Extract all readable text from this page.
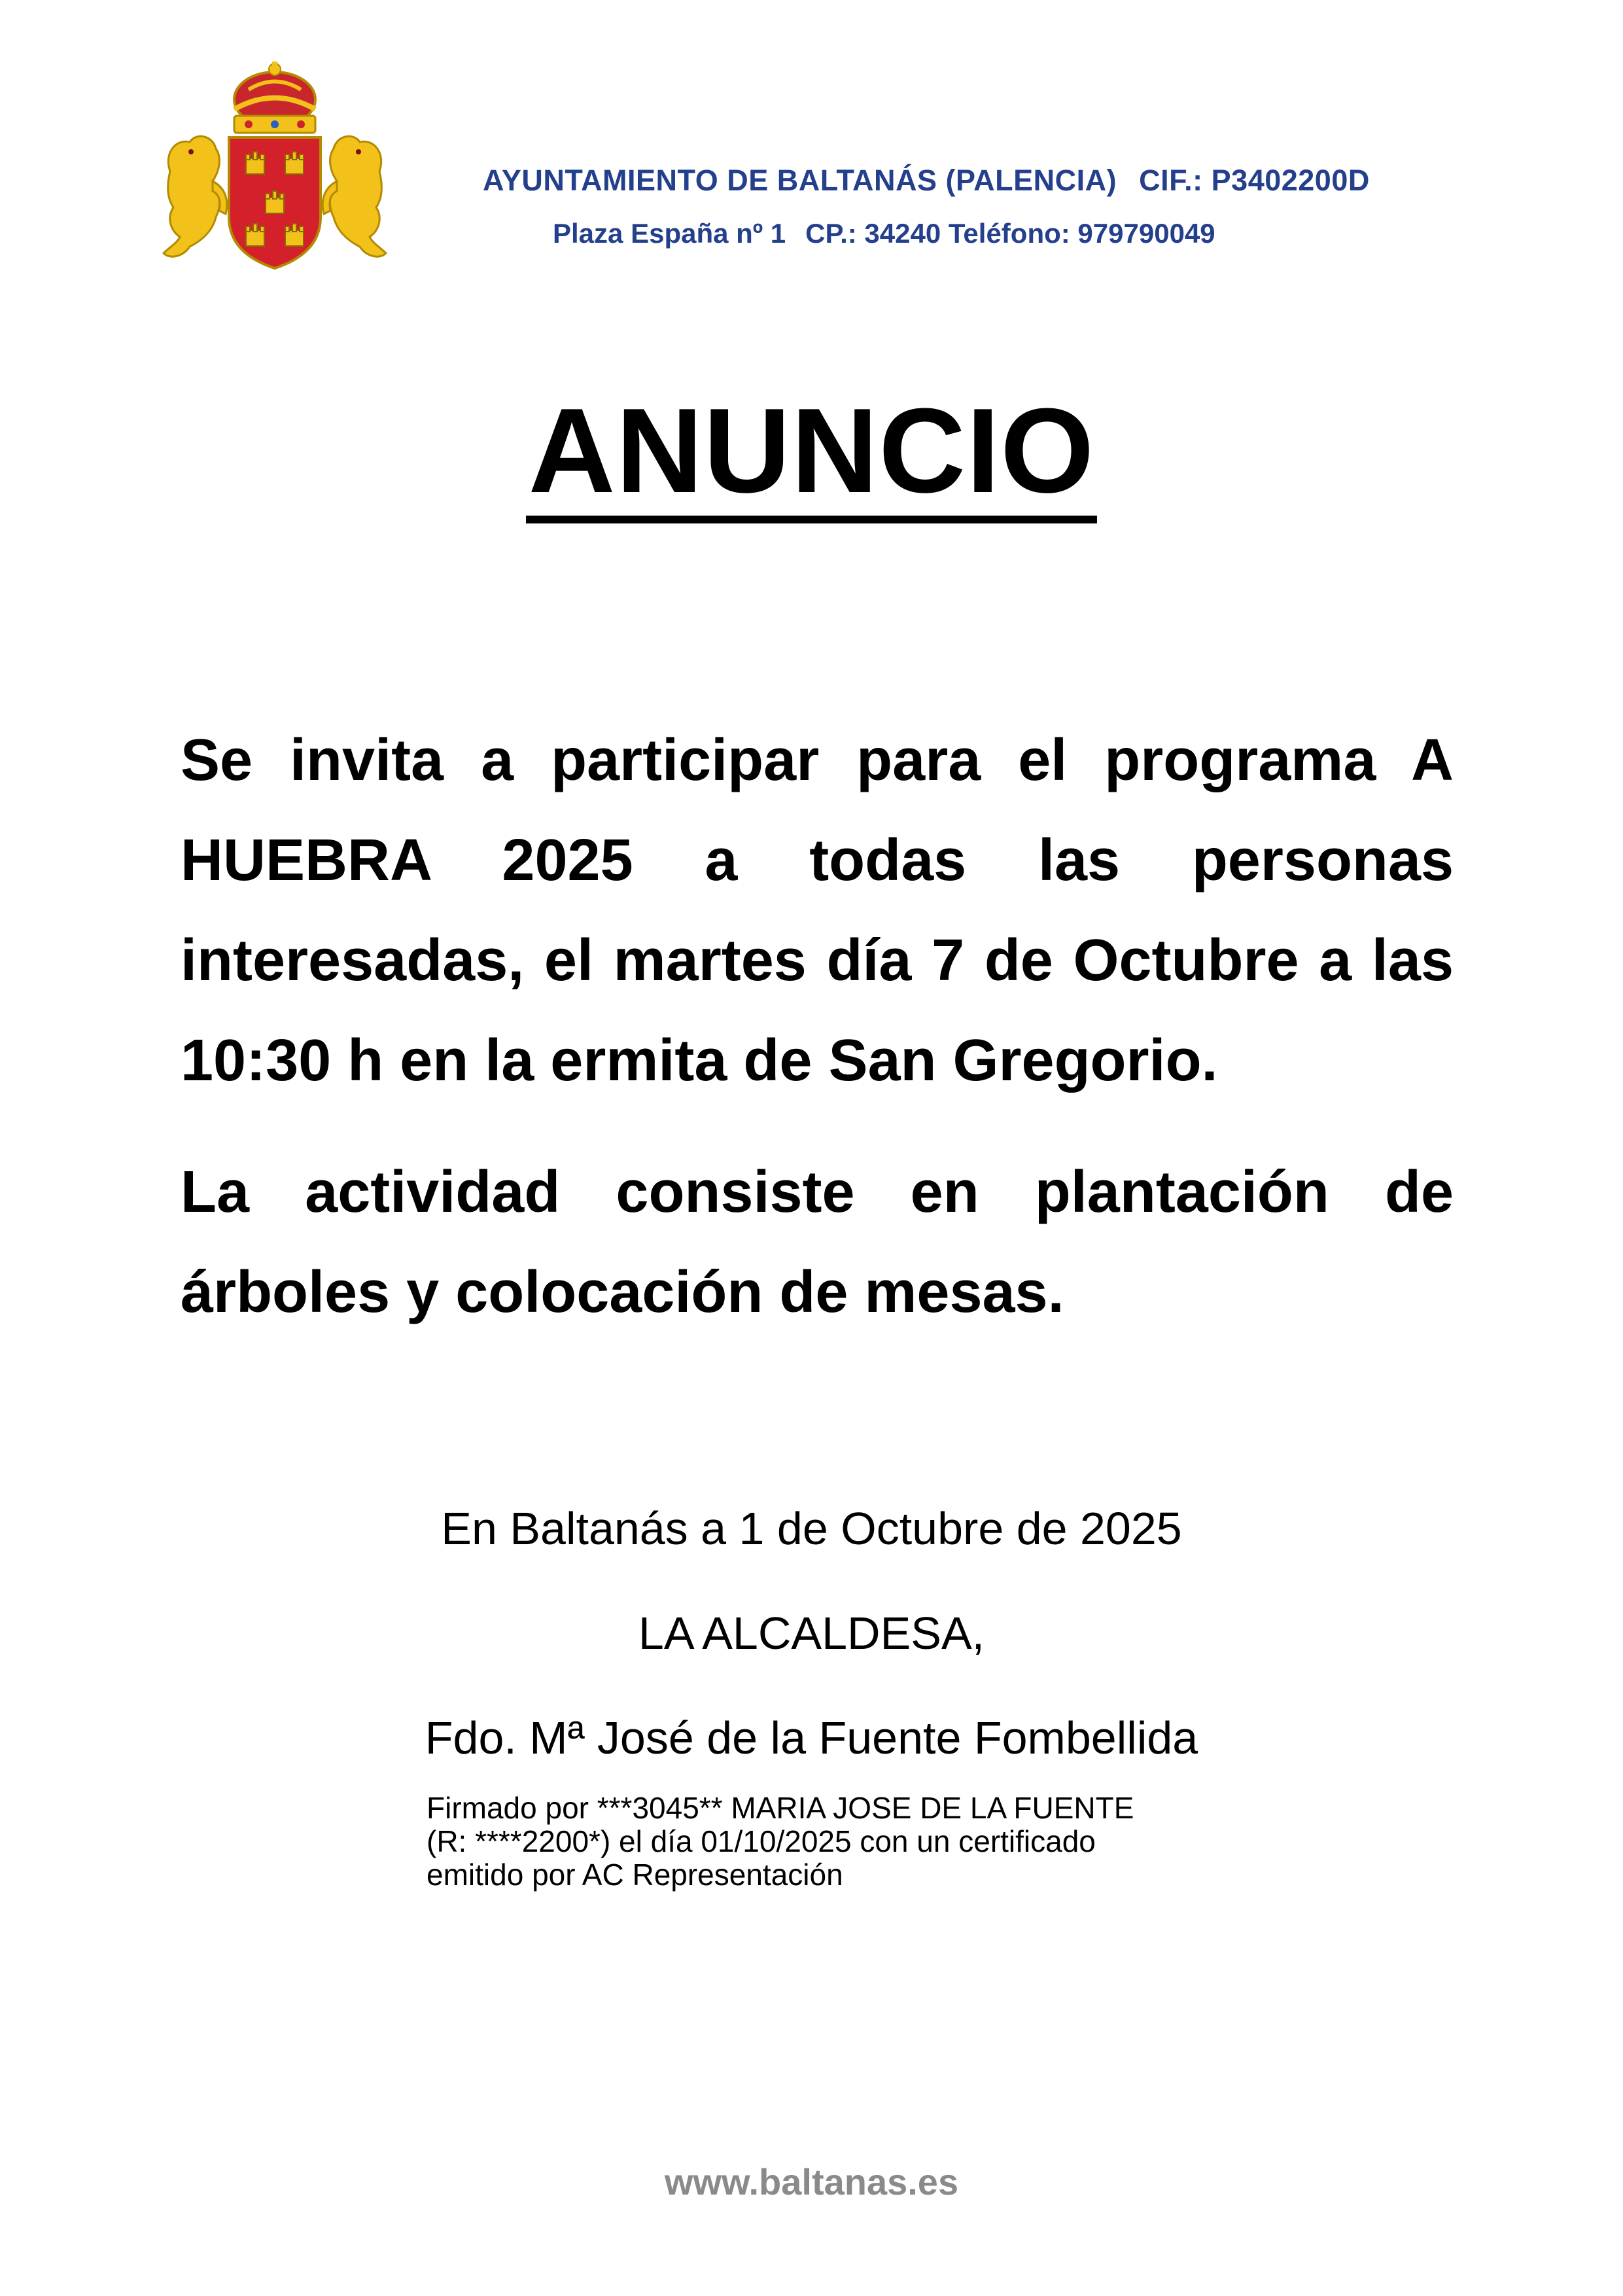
AYUNTAMIENTO DE BALTANÁS (PALENCIA) CIF.: P3402200D
Plaza España nº 1 CP.: 34240 Teléfono: 979790049
ANUNCIO
Se invita a participar para el programa A HUEBRA 2025 a todas las personas interesadas, el martes día 7 de Octubre a las 10:30 h en la ermita de San Gregorio.
La actividad consiste en plantación de árboles y colocación de mesas.
En Baltanás a 1 de Octubre de 2025
LA ALCALDESA,
Fdo. Mª José de la Fuente Fombellida
Firmado por ***3045** MARIA JOSE DE LA FUENTE
(R: ****2200*) el día 01/10/2025 con un certificado
emitido por AC Representación
www.baltanas.es
